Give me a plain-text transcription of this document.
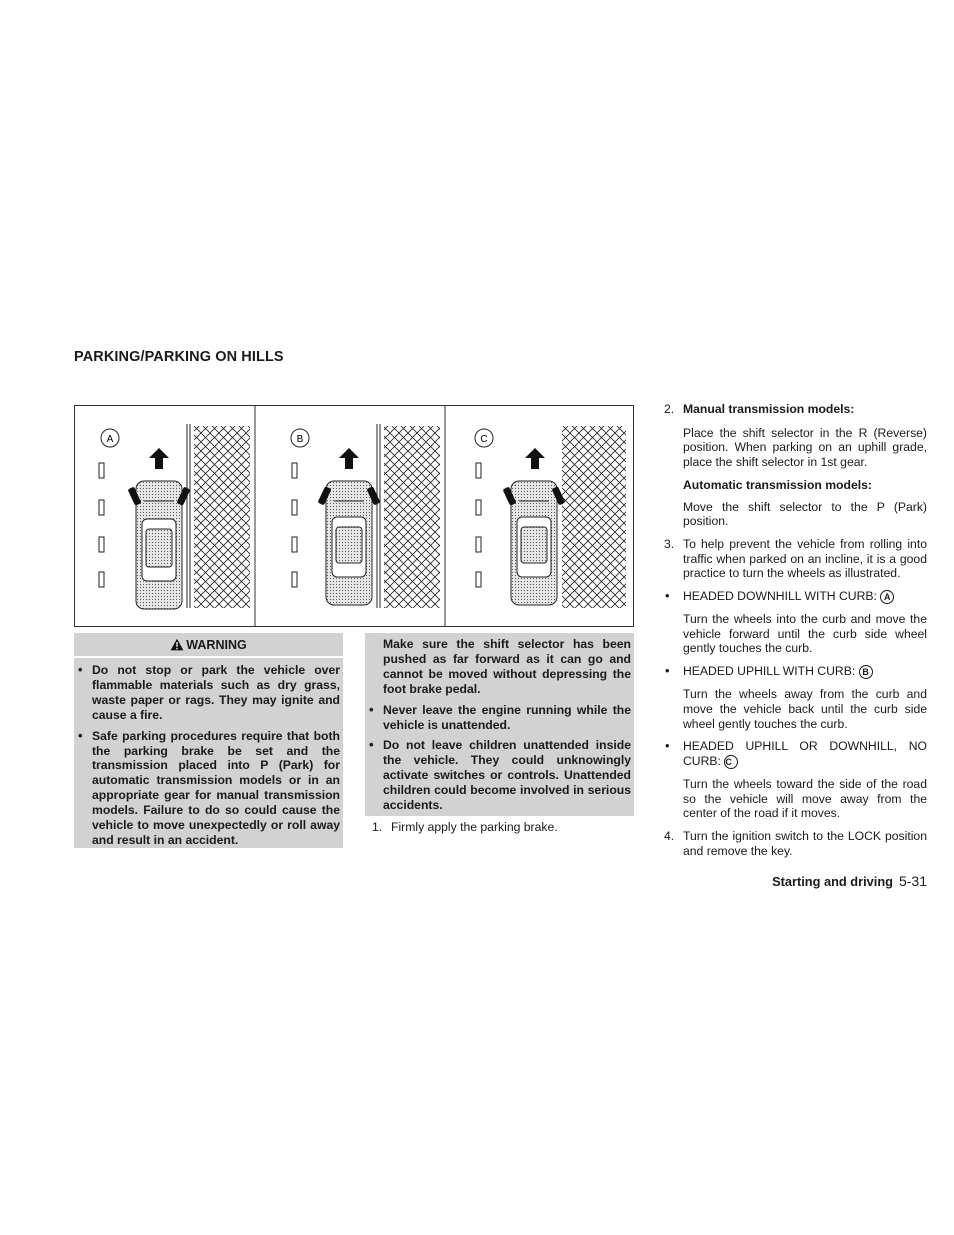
PARKING/PARKING ON HILLS
A	B	C
WARNING
• Do not stop or park the vehicle over flammable materials such as dry grass, waste paper or rags. They may ignite and cause a fire.
• Safe parking procedures require that both the parking brake be set and the transmission placed into P (Park) for automatic transmission models or in an appropriate gear for manual transmission models. Failure to do so could cause the vehicle to move unexpectedly or roll away and result in an accident.
Make sure the shift selector has been pushed as far forward as it can go and cannot be moved without depressing the foot brake pedal.
• Never leave the engine running while the vehicle is unattended.
• Do not leave children unattended inside the vehicle. They could unknowingly activate switches or controls. Unattended children could become involved in serious accidents.
1. Firmly apply the parking brake.
2. Manual transmission models:
Place the shift selector in the R (Reverse) position. When parking on an uphill grade, place the shift selector in 1st gear.
Automatic transmission models:
Move the shift selector to the P (Park) position.
3. To help prevent the vehicle from rolling into traffic when parked on an incline, it is a good practice to turn the wheels as illustrated.
• HEADED DOWNHILL WITH CURB: A
Turn the wheels into the curb and move the vehicle forward until the curb side wheel gently touches the curb.
• HEADED UPHILL WITH CURB: B
Turn the wheels away from the curb and move the vehicle back until the curb side wheel gently touches the curb.
• HEADED UPHILL OR DOWNHILL, NO CURB: C
Turn the wheels toward the side of the road so the vehicle will move away from the center of the road if it moves.
4. Turn the ignition switch to the LOCK position and remove the key.
Starting and driving 5-31
